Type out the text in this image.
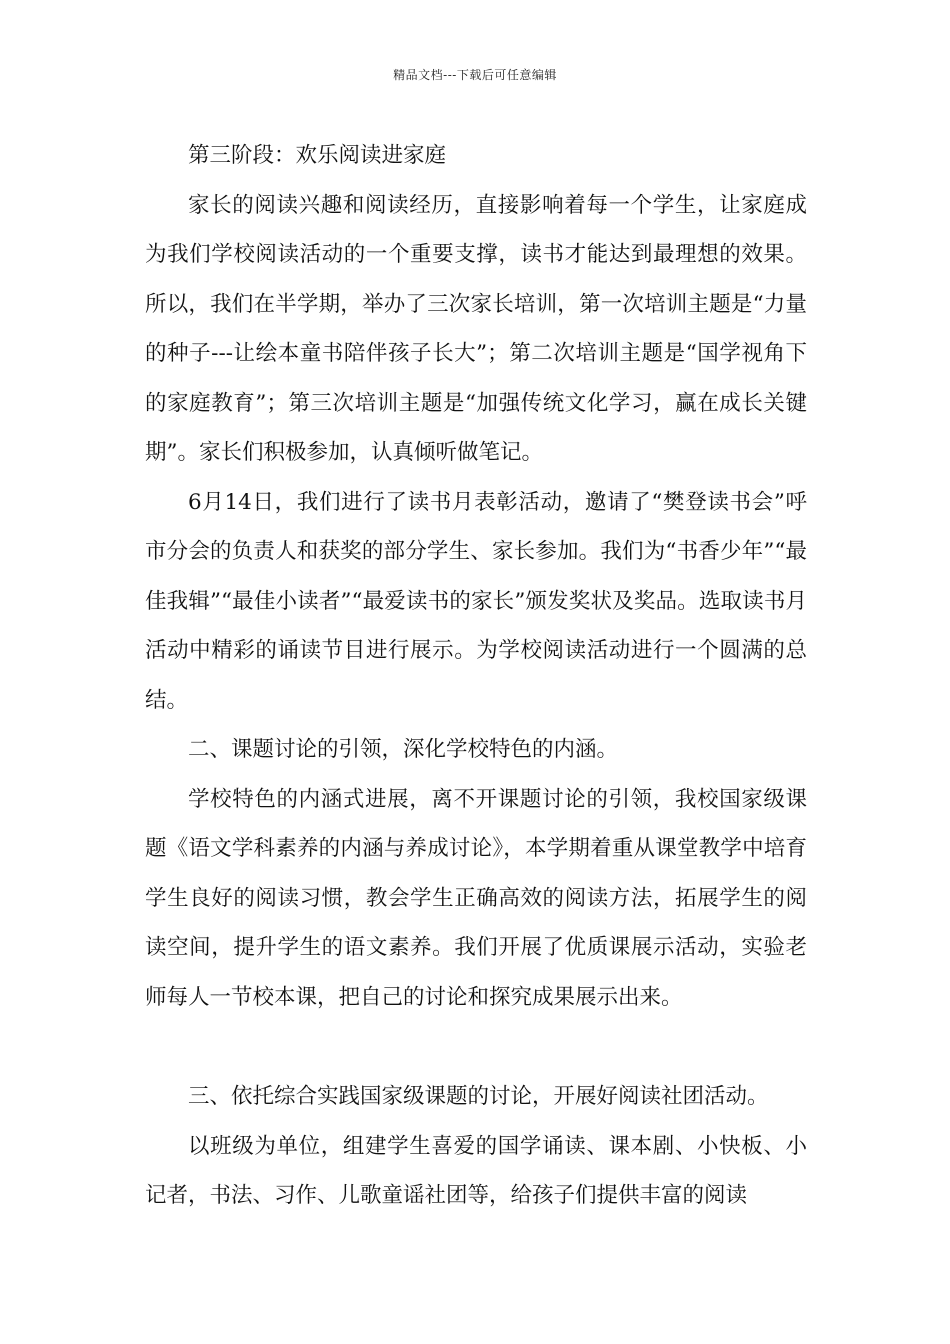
精品文档---下载后可任意编辑

第三阶段：欢乐阅读进家庭

家长的阅读兴趣和阅读经历，直接影响着每一个学生，让家庭成为我们学校阅读活动的一个重要支撑，读书才能达到最理想的效果。所以，我们在半学期，举办了三次家长培训，第一次培训主题是“力量的种子---让绘本童书陪伴孩子长大”；第二次培训主题是“国学视角下的家庭教育”；第三次培训主题是“加强传统文化学习，赢在成长关键期”。家长们积极参加，认真倾听做笔记。

6月14日，我们进行了读书月表彰活动，邀请了“樊登读书会”呼市分会的负责人和获奖的部分学生、家长参加。我们为“书香少年”“最佳我辑”“最佳小读者”“最爱读书的家长”颁发奖状及奖品。选取读书月活动中精彩的诵读节目进行展示。为学校阅读活动进行一个圆满的总结。

二、课题讨论的引领，深化学校特色的内涵。

学校特色的内涵式进展，离不开课题讨论的引领，我校国家级课题《语文学科素养的内涵与养成讨论》，本学期着重从课堂教学中培育学生良好的阅读习惯，教会学生正确高效的阅读方法，拓展学生的阅读空间，提升学生的语文素养。我们开展了优质课展示活动，实验老师每人一节校本课，把自己的讨论和探究成果展示出来。

三、依托综合实践国家级课题的讨论，开展好阅读社团活动。

以班级为单位，组建学生喜爱的国学诵读、课本剧、小快板、小记者，书法、习作、儿歌童谣社团等，给孩子们提供丰富的阅读
